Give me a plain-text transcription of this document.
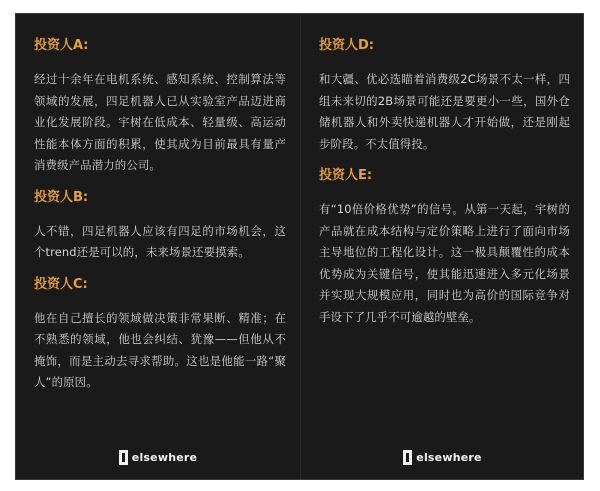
投资人A:
经过十余年在电机系统、感知系统、控制算法等领域的发展，四足机器人已从实验室产品迈进商业化发展阶段。宇树在低成本、轻量级、高运动性能本体方面的积累，使其成为目前最具有量产消费级产品潜力的公司。
投资人B:
人不错，四足机器人应该有四足的市场机会，这个trend还是可以的，未来场景还要摸索。
投资人C:
他在自己擅长的领域做决策非常果断、精准；在不熟悉的领域，他也会纠结、犹豫——但他从不掩饰，而是主动去寻求帮助。这也是他能一路“聚人”的原因。
elsewhere
投资人D:
和大疆、优必选瞄着消费级2C场景不太一样，四组未来切的2B场景可能还是要更小一些，国外仓储机器人和外卖快递机器人才开始做，还是刚起步阶段。不太值得投。
投资人E:
有“10倍价格优势”的信号。从第一天起，宇树的产品就在成本结构与定价策略上进行了面向市场主导地位的工程化设计。这一极具颠覆性的成本优势成为关键信号，使其能迅速进入多元化场景并实现大规模应用，同时也为高价的国际竞争对手设下了几乎不可逾越的壁垒。
elsewhere
